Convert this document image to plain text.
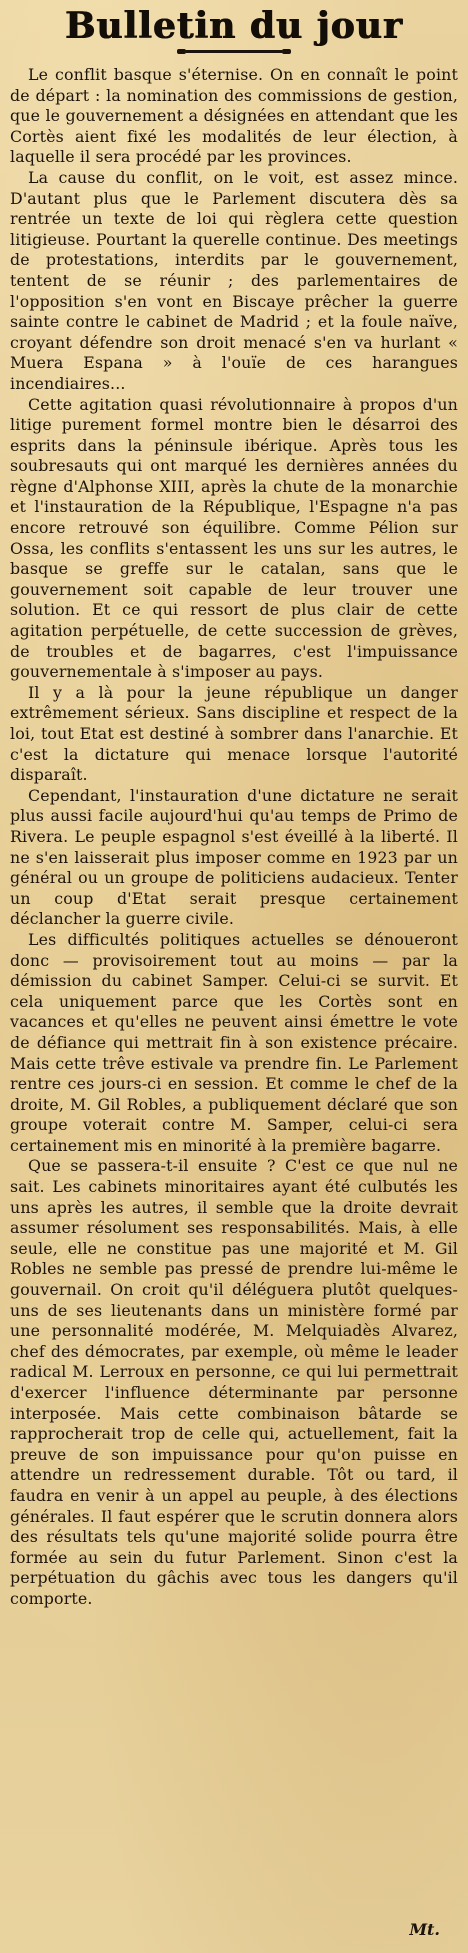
Bulletin du jour

Le conflit basque s'éternise. On en connaît le point de départ : la nomination des commissions de gestion, que le gouvernement a désignées en attendant que les Cortès aient fixé les modalités de leur élection, à laquelle il sera procédé par les provinces.

La cause du conflit, on le voit, est assez mince. D'autant plus que le Parlement discutera dès sa rentrée un texte de loi qui règlera cette question litigieuse. Pourtant la querelle continue. Des meetings de protestations, interdits par le gouvernement, tentent de se réunir ; des parlementaires de l'opposition s'en vont en Biscaye prêcher la guerre sainte contre le cabinet de Madrid ; et la foule naïve, croyant défendre son droit menacé s'en va hurlant « Muera Espana » à l'ouïe de ces harangues incendiaires...

Cette agitation quasi révolutionnaire à propos d'un litige purement formel montre bien le désarroi des esprits dans la péninsule ibérique. Après tous les soubresauts qui ont marqué les dernières années du règne d'Alphonse XIII, après la chute de la monarchie et l'instauration de la République, l'Espagne n'a pas encore retrouvé son équilibre. Comme Pélion sur Ossa, les conflits s'entassent les uns sur les autres, le basque se greffe sur le catalan, sans que le gouvernement soit capable de leur trouver une solution. Et ce qui ressort de plus clair de cette agitation perpétuelle, de cette succession de grèves, de troubles et de bagarres, c'est l'impuissance gouvernementale à s'imposer au pays.

Il y a là pour la jeune république un danger extrêmement sérieux. Sans discipline et respect de la loi, tout Etat est destiné à sombrer dans l'anarchie. Et c'est la dictature qui menace lorsque l'autorité disparaît.

Cependant, l'instauration d'une dictature ne serait plus aussi facile aujourd'hui qu'au temps de Primo de Rivera. Le peuple espagnol s'est éveillé à la liberté. Il ne s'en laisserait plus imposer comme en 1923 par un général ou un groupe de politiciens audacieux. Tenter un coup d'Etat serait presque certainement déclancher la guerre civile.

Les difficultés politiques actuelles se dénoueront donc — provisoirement tout au moins — par la démission du cabinet Samper. Celui-ci se survit. Et cela uniquement parce que les Cortès sont en vacances et qu'elles ne peuvent ainsi émettre le vote de défiance qui mettrait fin à son existence précaire. Mais cette trêve estivale va prendre fin. Le Parlement rentre ces jours-ci en session. Et comme le chef de la droite, M. Gil Robles, a publiquement déclaré que son groupe voterait contre M. Samper, celui-ci sera certainement mis en minorité à la première bagarre.

Que se passera-t-il ensuite ? C'est ce que nul ne sait. Les cabinets minoritaires ayant été culbutés les uns après les autres, il semble que la droite devrait assumer résolument ses responsabilités. Mais, à elle seule, elle ne constitue pas une majorité et M. Gil Robles ne semble pas pressé de prendre lui-même le gouvernail. On croit qu'il déléguera plutôt quelques-uns de ses lieutenants dans un ministère formé par une personnalité modérée, M. Melquiadès Alvarez, chef des démocrates, par exemple, où même le leader radical M. Lerroux en personne, ce qui lui permettrait d'exercer l'influence déterminante par personne interposée. Mais cette combinaison bâtarde se rapprocherait trop de celle qui, actuellement, fait la preuve de son impuissance pour qu'on puisse en attendre un redressement durable. Tôt ou tard, il faudra en venir à un appel au peuple, à des élections générales. Il faut espérer que le scrutin donnera alors des résultats tels qu'une majorité solide pourra être formée au sein du futur Parlement. Sinon c'est la perpétuation du gâchis avec tous les dangers qu'il comporte.

Mt.
